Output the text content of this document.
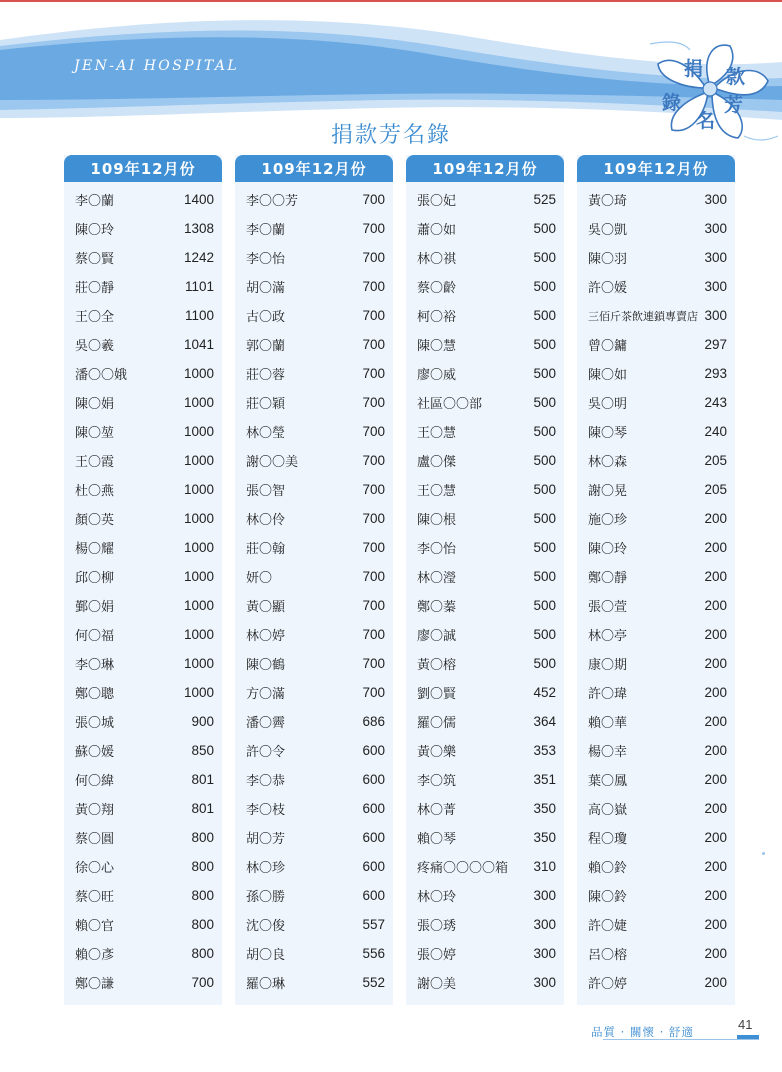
JEN-AI HOSPITAL	捐 款
芳
名
錄
捐款芳名錄
109年12月份
李〇蘭	1400
陳〇玲	1308
蔡〇賢	1242
莊〇靜	1101
王〇全	1100
吳〇羲	1041
潘〇〇娥	1000
陳〇娟	1000
陳〇堃	1000
王〇霞	1000
杜〇燕	1000
顏〇英	1000
楊〇耀	1000
邱〇柳	1000
鄞〇娟	1000
何〇福	1000
李〇琳	1000
鄭〇聰	1000
張〇城	900
蘇〇媛	850
何〇緯	801
黃〇翔	801
蔡〇圓	800
徐〇心	800
蔡〇旺	800
賴〇官	800
賴〇彥	800
鄭〇謙	700
109年12月份
李〇〇芳	700
李〇蘭	700
李〇怡	700
胡〇滿	700
古〇政	700
郭〇蘭	700
莊〇蓉	700
莊〇穎	700
林〇瑩	700
謝〇〇美	700
張〇智	700
林〇伶	700
莊〇翰	700
妍〇	700
黃〇顯	700
林〇婷	700
陳〇鶴	700
方〇滿	700
潘〇霽	686
許〇令	600
李〇恭	600
李〇枝	600
胡〇芳	600
林〇珍	600
孫〇勝	600
沈〇俊	557
胡〇良	556
羅〇琳	552
109年12月份
張〇妃	525
蕭〇如	500
林〇祺	500
蔡〇齡	500
柯〇裕	500
陳〇慧	500
廖〇威	500
社區〇〇部	500
王〇慧	500
盧〇傑	500
王〇慧	500
陳〇根	500
李〇怡	500
林〇瀅	500
鄭〇蓁	500
廖〇誠	500
黃〇榕	500
劉〇賢	452
羅〇儒	364
黃〇樂	353
李〇筑	351
林〇菁	350
賴〇琴	350
疼痛〇〇〇〇箱 310
林〇玲	300
張〇琇	300
張〇婷	300
謝〇美	300
109年12月份
黃〇琦	300
吳〇凱	300
陳〇羽	300
許〇媛	300
三佰斤茶飲連鎖專賣店 300
曾〇鏞	297
陳〇如	293
吳〇明	243
陳〇琴	240
林〇森	205
謝〇晃	205
施〇珍	200
陳〇玲	200
鄭〇靜	200
張〇萱	200
林〇亭	200
康〇期	200
許〇瑋	200
賴〇華	200
楊〇幸	200
葉〇鳳	200
高〇嶽	200
程〇瓊	200
賴〇鈴	200
陳〇鈴	200
許〇婕	200
呂〇榕	200
許〇婷	200
品質 · 關懷 · 舒適	41
